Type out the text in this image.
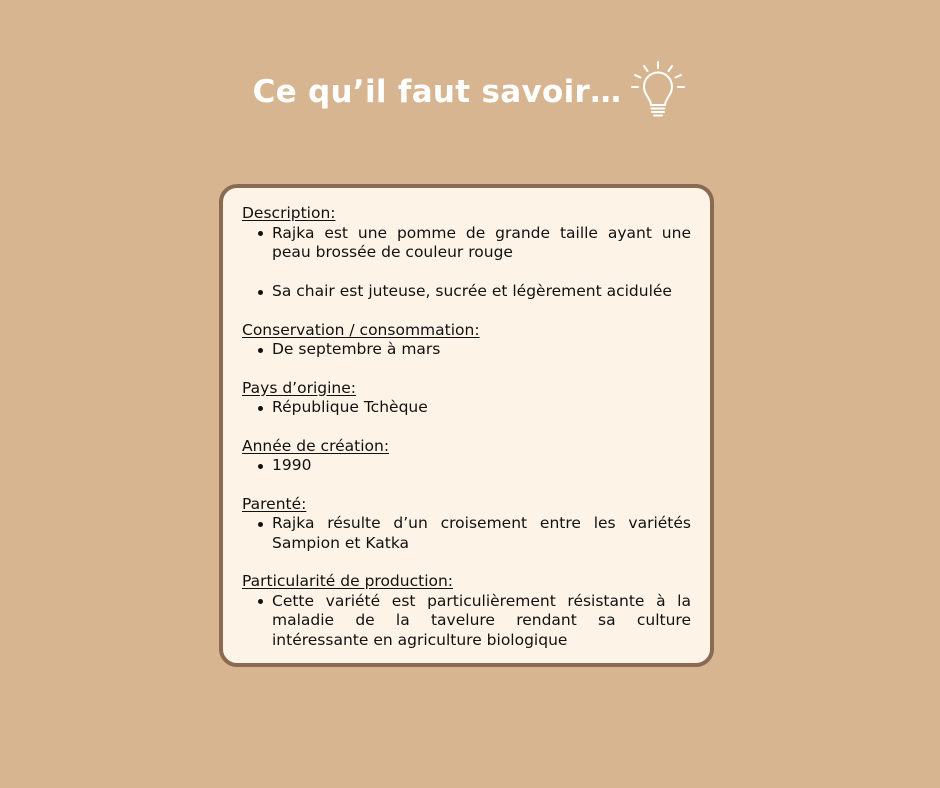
Ce qu’il faut savoir…
Description:
Rajka est une pomme de grande taille ayant une peau brossée de couleur rouge
Sa chair est juteuse, sucrée et légèrement acidulée
Conservation / consommation:
De septembre à mars
Pays d’origine:
République Tchèque
Année de création:
1990
Parenté:
Rajka résulte d’un croisement entre les variétés Sampion et Katka
Particularité de production:
Cette variété est particulièrement résistante à la maladie de la tavelure rendant sa culture intéressante en agriculture biologique
